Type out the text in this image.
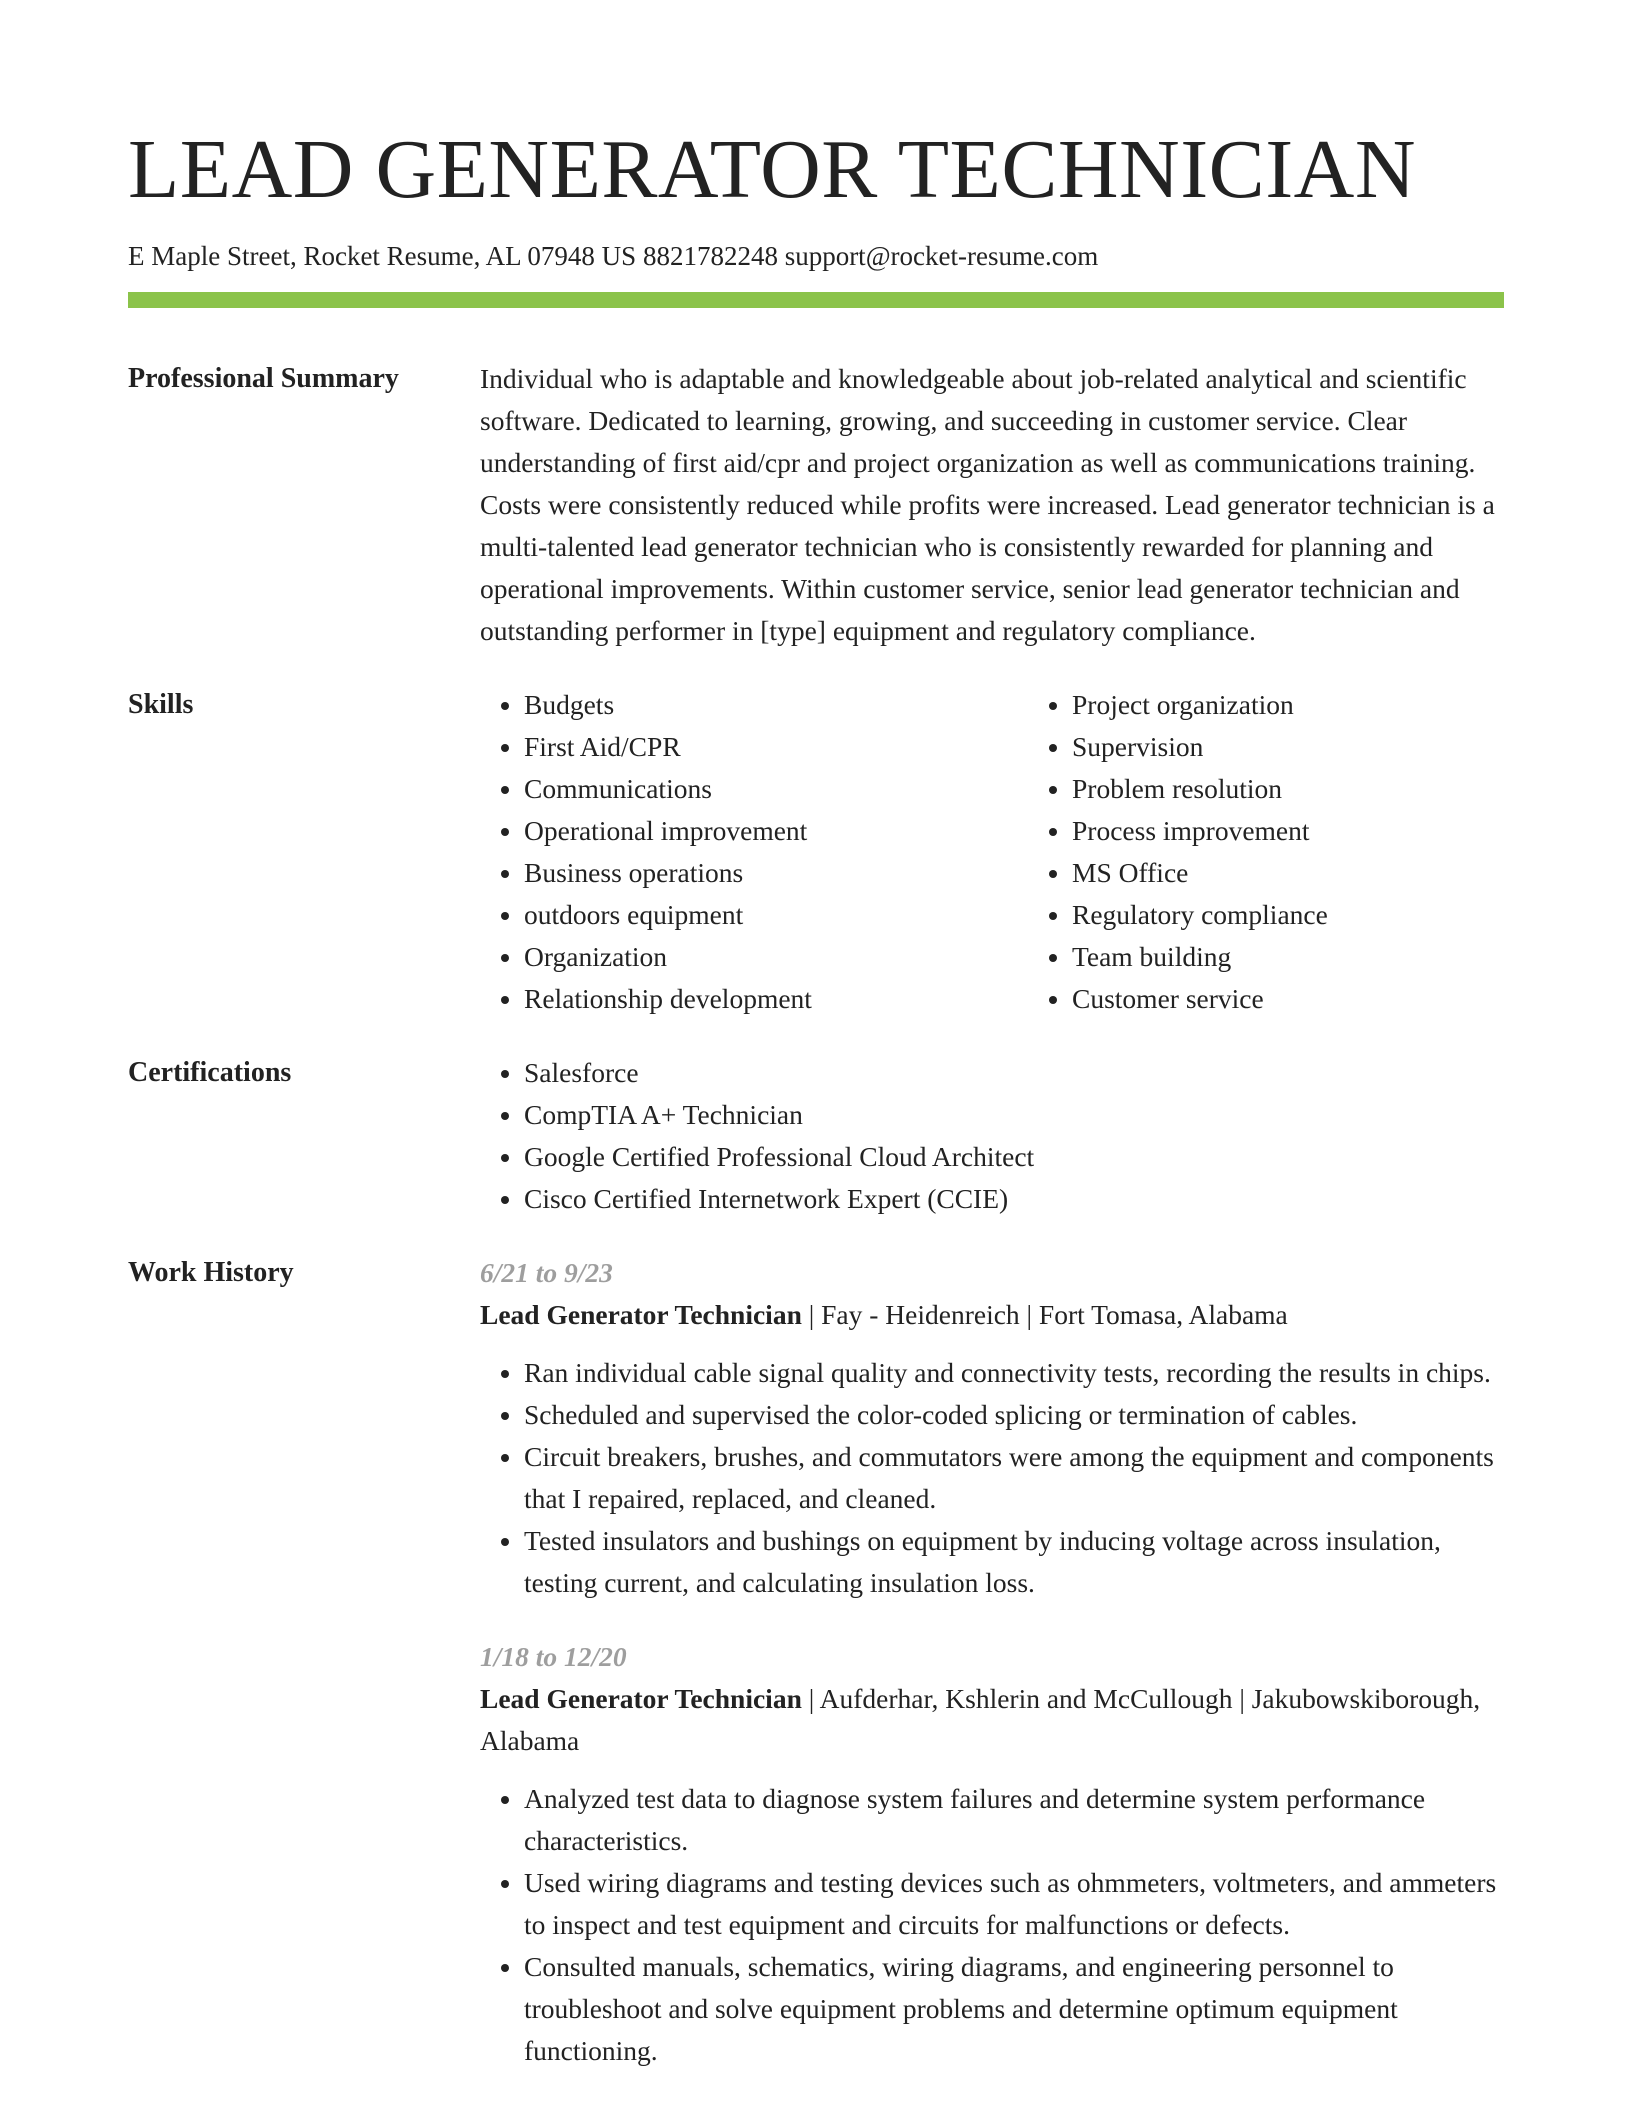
LEAD GENERATOR TECHNICIAN
E Maple Street, Rocket Resume, AL 07948 US 8821782248 support@rocket-resume.com
Professional Summary	Individual who is adaptable and knowledgeable about job-related analytical and scientific software. Dedicated to learning, growing, and succeeding in customer service. Clear understanding of first aid/cpr and project organization as well as communications training. Costs were consistently reduced while profits were increased. Lead generator technician is a multi-talented lead generator technician who is consistently rewarded for planning and operational improvements. Within customer service, senior lead generator technician and outstanding performer in [type] equipment and regulatory compliance.

Skills	• Budgets
• First Aid/CPR
• Communications
• Operational improvement
• Business operations
• outdoors equipment
• Organization
• Relationship development
• Project organization
• Supervision
• Problem resolution
• Process improvement
• MS Office
• Regulatory compliance
• Team building
• Customer service
Certifications	• Salesforce
• CompTIA A+ Technician
• Google Certified Professional Cloud Architect
• Cisco Certified Internetwork Expert (CCIE)
Work History	6/21 to 9/23
Lead Generator Technician | Fay - Heidenreich | Fort Tomasa, Alabama
• Ran individual cable signal quality and connectivity tests, recording the results in chips.
• Scheduled and supervised the color-coded splicing or termination of cables.
• Circuit breakers, brushes, and commutators were among the equipment and components that I repaired, replaced, and cleaned.
• Tested insulators and bushings on equipment by inducing voltage across insulation, testing current, and calculating insulation loss.
1/18 to 12/20
Lead Generator Technician | Aufderhar, Kshlerin and McCullough | Jakubowskiborough, Alabama
• Analyzed test data to diagnose system failures and determine system performance characteristics.
• Used wiring diagrams and testing devices such as ohmmeters, voltmeters, and ammeters to inspect and test equipment and circuits for malfunctions or defects.
• Consulted manuals, schematics, wiring diagrams, and engineering personnel to troubleshoot and solve equipment problems and determine optimum equipment functioning.
